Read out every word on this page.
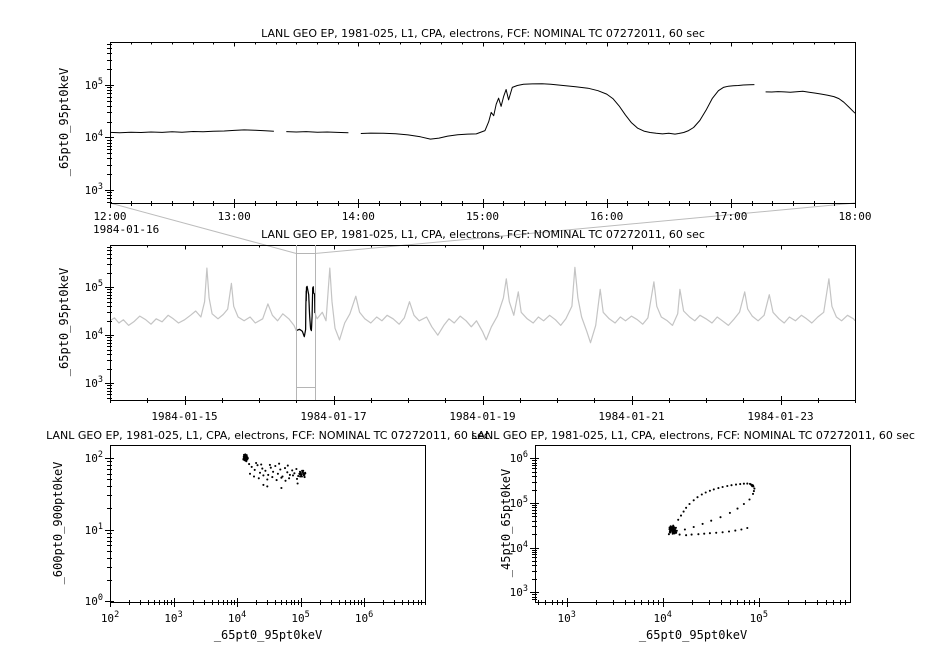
$10^3$
$10^4$
$10^5$
12:00	13:00	14:00	15:00	16:00	17:00	18:00
$10^3$
$10^4$
$10^5$
1984-01-15	1984-01-17	1984-01-19	1984-01-21	1984-01-23
$10^0$
$10^1$
$10^2$
$10^2$	$10^3$	$10^4$	$10^5$	$10^6$
$10^3$
$10^4$
$10^5$
$10^6$
$10^3$	$10^4$	$10^5$
LANL GEO EP, 1981-025, L1, CPA, electrons, FCF: NOMINAL TC 07272011, 60 sec
LANL GEO EP, 1981-025, L1, CPA, electrons, FCF: NOMINAL TC 07272011, 60 sec
LANL GEO EP, 1981-025, L1, CPA, electrons, FCF: NOMINAL TC 07272011, 60 sec
LANL GEO EP, 1981-025, L1, CPA, electrons, FCF: NOMINAL TC 07272011, 60 sec
_65pt0_95pt0keV
_65pt0_95pt0keV
_600pt0_900pt0keV	_45pt0_65pt0keV
_65pt0_95pt0keV	_65pt0_95pt0keV
1984-01-16
